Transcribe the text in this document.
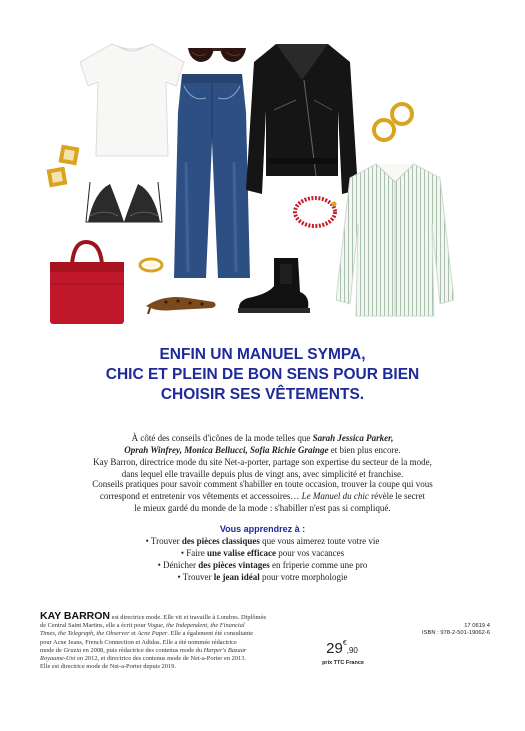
ENFIN UN MANUEL SYMPA,
CHIC ET PLEIN DE BON SENS POUR BIEN
CHOISIR SES VÊTEMENTS.
À côté des conseils d'icônes de la mode telles que Sarah Jessica Parker,
Oprah Winfrey, Monica Bellucci, Sofia Richie Grainge et bien plus encore.
Kay Barron, directrice mode du site Net-a-porter, partage son expertise du secteur de la mode,
dans lequel elle travaille depuis plus de vingt ans, avec simplicité et franchise.
Conseils pratiques pour savoir comment s'habiller en toute occasion, trouver la coupe qui vous
correspond et entretenir vos vêtements et accessoires… Le Manuel du chic révèle le secret
le mieux gardé du monde de la mode : s'habiller n'est pas si compliqué.
Vous apprendrez à :
• Trouver des pièces classiques que vous aimerez toute votre vie
• Faire une valise efficace pour vos vacances
• Dénicher des pièces vintages en friperie comme une pro
• Trouver le jean idéal pour votre morphologie
KAY BARRON est directrice mode. Elle vit et travaille à Londres. Diplômée
de Central Saint Martins, elle a écrit pour Vogue, the Independent, the Financial
Times, the Telegraph, the Observer et Acne Paper. Elle a également été consultante
pour Acne Jeans, French Connection et Adidas. Elle a été nommée rédactrice
mode de Grazia en 2008, puis rédactrice des contenus mode du Harper's Bazaar
Royaume-Uni en 2012, et directrice des contenus mode de Net-a-Porter en 2013.
Elle est directrice mode de Net-a-Porter depuis 2019.
17 0619 4
ISBN : 978-2-501-19062-6
29€,90
prix TTC France
